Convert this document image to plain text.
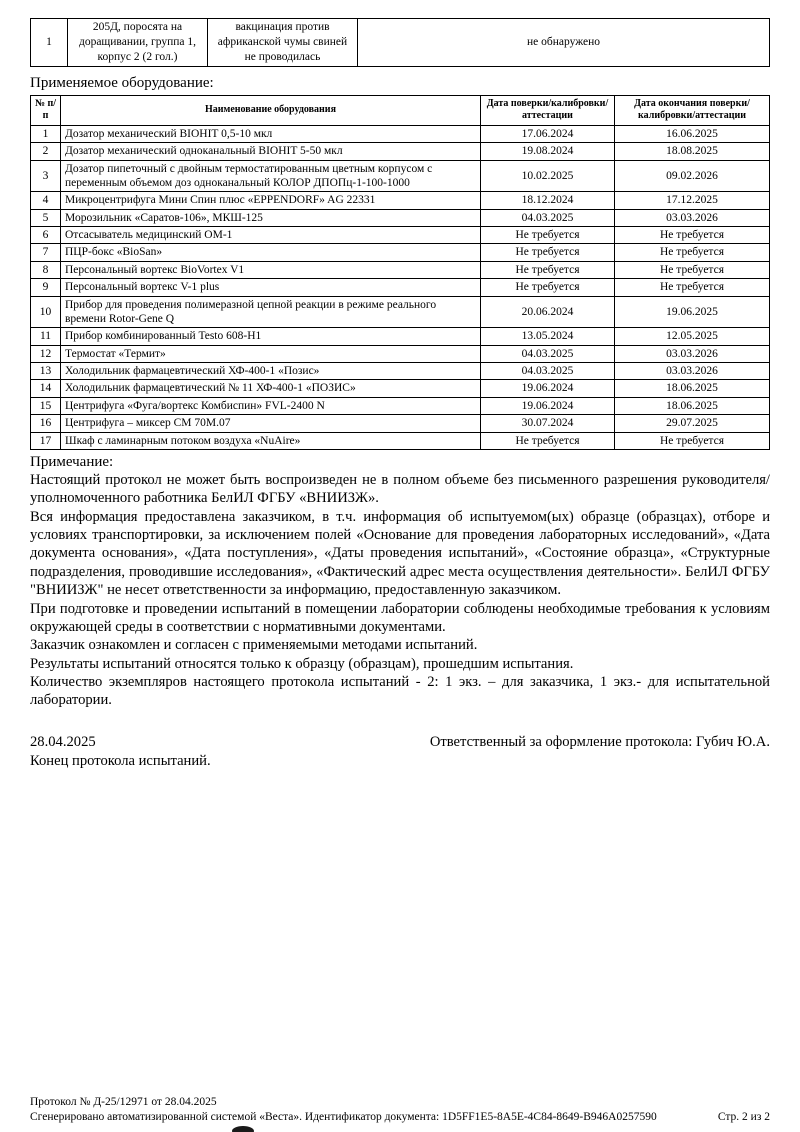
1	205Д, поросята на доращивании, группа 1, корпус 2 (2 гол.)	вакцинация против африканской чумы свиней не проводилась	не обнаружено
Применяемое оборудование:
№ п/п	Наименование оборудования	Дата поверки/калибровки/аттестации	Дата окончания поверки/калибровки/аттестации
1	Дозатор механический BIOHIT 0,5-10 мкл	17.06.2024	16.06.2025
2	Дозатор механический одноканальный BIOHIT 5-50 мкл	19.08.2024	18.08.2025
3	Дозатор пипеточный с двойным термостатированным цветным корпусом с переменным объемом доз одноканальный КОЛОР ДПОПц-1-100-1000	10.02.2025	09.02.2026
4	Микроцентрифуга Мини Спин плюс «EPPENDORF» AG 22331	18.12.2024	17.12.2025
5	Морозильник «Саратов-106», МКШ-125	04.03.2025	03.03.2026
6	Отсасыватель медицинский ОМ-1	Не требуется	Не требуется
7	ПЦР-бокс «BioSan»	Не требуется	Не требуется
8	Персональный вортекс BioVortex V1	Не требуется	Не требуется
9	Персональный вортекс V-1 plus	Не требуется	Не требуется
10	Прибор для проведения полимеразной цепной реакции в режиме реального времени Rotor-Gene Q	20.06.2024	19.06.2025
11	Прибор комбинированный Testo 608-H1	13.05.2024	12.05.2025
12	Термостат «Термит»	04.03.2025	03.03.2026
13	Холодильник фармацевтический ХФ-400-1 «Позис»	04.03.2025	03.03.2026
14	Холодильник фармацевтический № 11 ХФ-400-1 «ПОЗИС»	19.06.2024	18.06.2025
15	Центрифуга «Фуга/вортекс Комбиспин» FVL-2400 N	19.06.2024	18.06.2025
16	Центрифуга – миксер СМ 70М.07	30.07.2024	29.07.2025
17	Шкаф с ламинарным потоком воздуха «NuAire»	Не требуется	Не требуется
Примечание:

Настоящий протокол не может быть воспроизведен не в полном объеме без письменного разрешения руководителя/уполномоченного работника БелИЛ ФГБУ «ВНИИЗЖ».

Вся информация предоставлена заказчиком, в т.ч. информация об испытуемом(ых) образце (образцах), отборе и условиях транспортировки, за исключением полей «Основание для проведения лабораторных исследований», «Дата документа основания», «Дата поступления», «Даты проведения испытаний», «Состояние образца», «Структурные подразделения, проводившие исследования», «Фактический адрес места осуществления деятельности». БелИЛ ФГБУ "ВНИИЗЖ" не несет ответственности за информацию, предоставленную заказчиком.

При подготовке и проведении испытаний в помещении лаборатории соблюдены необходимые требования к условиям окружающей среды в соответствии с нормативными документами.

Заказчик ознакомлен и согласен с применяемыми методами испытаний.

Результаты испытаний относятся только к образцу (образцам), прошедшим испытания.

Количество экземпляров настоящего протокола испытаний - 2: 1 экз. – для заказчика, 1 экз.- для испытательной лаборатории.

28.04.2025	Ответственный за оформление протокола: Губич Ю.А.
Конец протокола испытаний.
Протокол № Д-25/12971 от 28.04.2025
Сгенерировано автоматизированной системой «Веста». Идентификатор документа: 1D5FF1E5-8A5E-4C84-8649-B946A0257590	Стр. 2 из 2
